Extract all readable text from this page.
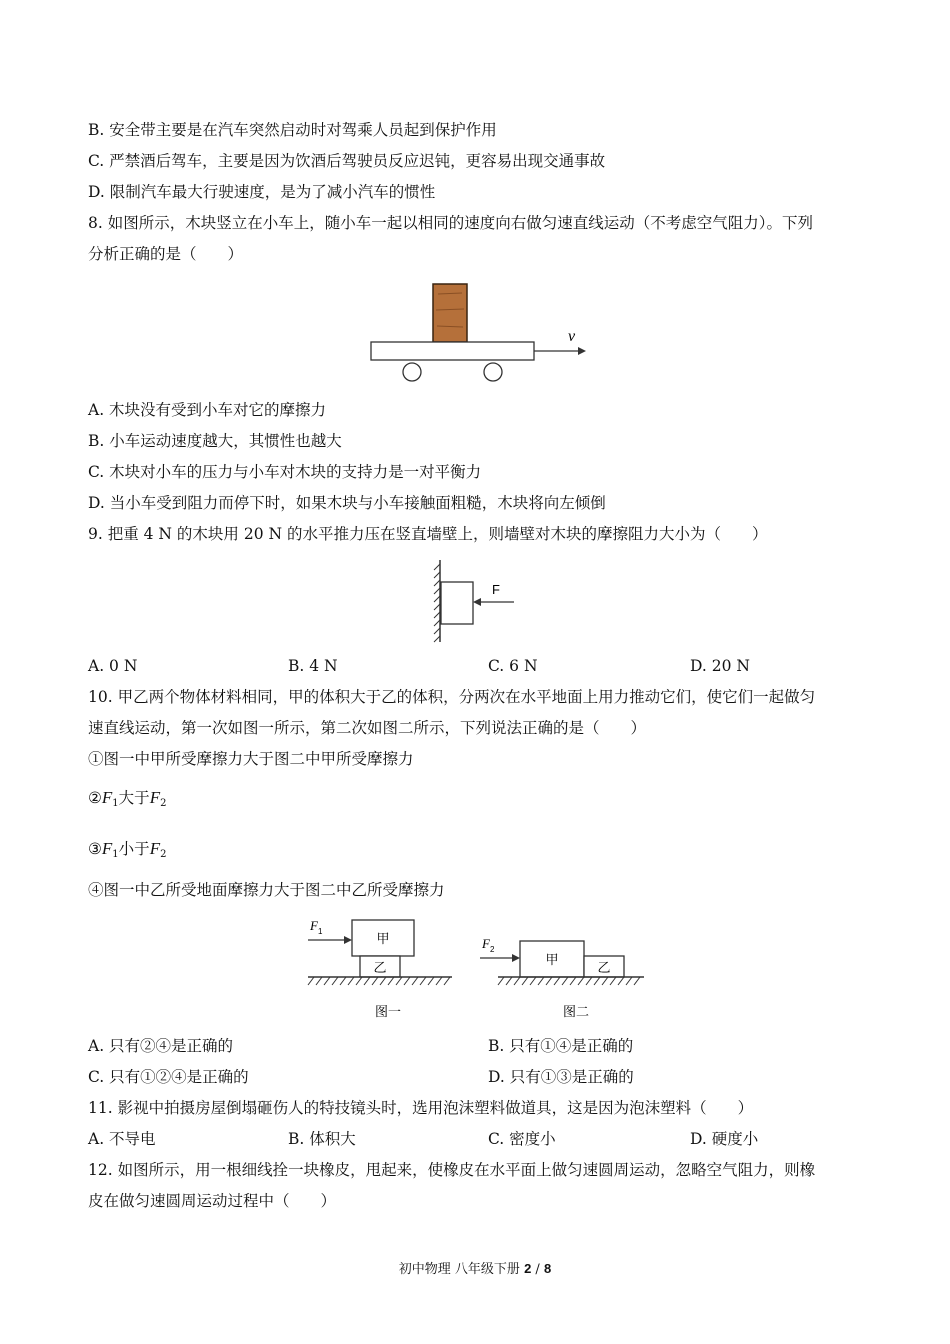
B. 安全带主要是在汽车突然启动时对驾乘人员起到保护作用
C. 严禁酒后驾车，主要是因为饮酒后驾驶员反应迟钝，更容易出现交通事故
D. 限制汽车最大行驶速度，是为了减小汽车的惯性
8. 如图所示，木块竖立在小车上，随小车一起以相同的速度向右做匀速直线运动（不考虑空气阻力）。下列
分析正确的是（　　）
v
A. 木块没有受到小车对它的摩擦力
B. 小车运动速度越大，其惯性也越大
C. 木块对小车的压力与小车对木块的支持力是一对平衡力
D. 当小车受到阻力而停下时，如果木块与小车接触面粗糙，木块将向左倾倒
9. 把重 4 N 的木块用 20 N 的水平推力压在竖直墙壁上，则墙壁对木块的摩擦阻力大小为（　　）
F
A. 0 N	B. 4 N	C. 6 N	D. 20 N
10. 甲乙两个物体材料相同，甲的体积大于乙的体积，分两次在水平地面上用力推动它们，使它们一起做匀
速直线运动，第一次如图一所示，第二次如图二所示，下列说法正确的是（　　）
①图一中甲所受摩擦力大于图二中甲所受摩擦力
$②F_1$大于$F_2$
$③F_1$小于$F_2$
④图一中乙所受地面摩擦力大于图二中乙所受摩擦力
F 1
甲
乙
图一
F 2
甲
乙
图二
A. 只有②④是正确的	B. 只有①④是正确的
C. 只有①②④是正确的	D. 只有①③是正确的
11. 影视中拍摄房屋倒塌砸伤人的特技镜头时，选用泡沫塑料做道具，这是因为泡沫塑料（　　）
A. 不导电	B. 体积大	C. 密度小	D. 硬度小
12. 如图所示，用一根细线拴一块橡皮，甩起来，使橡皮在水平面上做匀速圆周运动，忽略空气阻力，则橡
皮在做匀速圆周运动过程中（　　）
初中物理 八年级下册 2 / 8
